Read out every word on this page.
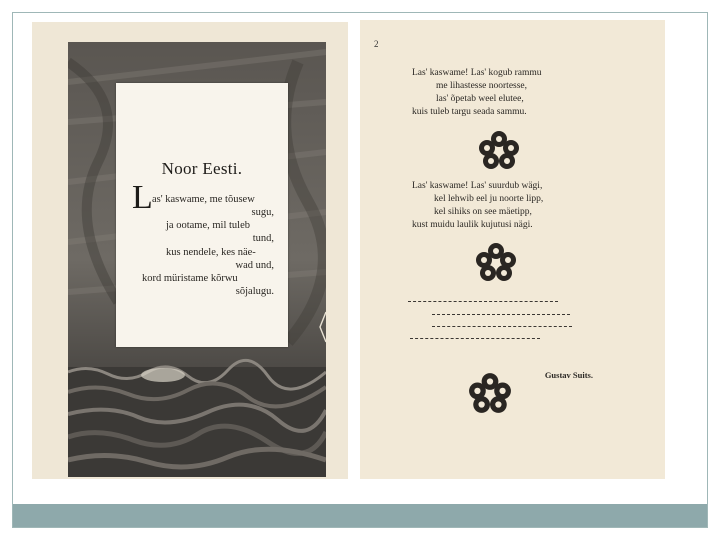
Noor Eesti.
L as' kaswame, me tõusew
sugu,
ja ootame, mil tuleb
tund,
kus nendele, kes näe-
wad und,
kord müristame kõrwu
sõjalugu.
2
Las' kaswame! Las' kogub rammu
me lihastesse noortesse,
las' õpetab weel elutee,
kuis tuleb targu seada sammu.
Las' kaswame! Las' suurdub wägi,
kel lehwib eel ju noorte lipp,
kel sihiks on see mäetipp,
kust muidu laulik kujutusi nägi.
Gustav Suits.
